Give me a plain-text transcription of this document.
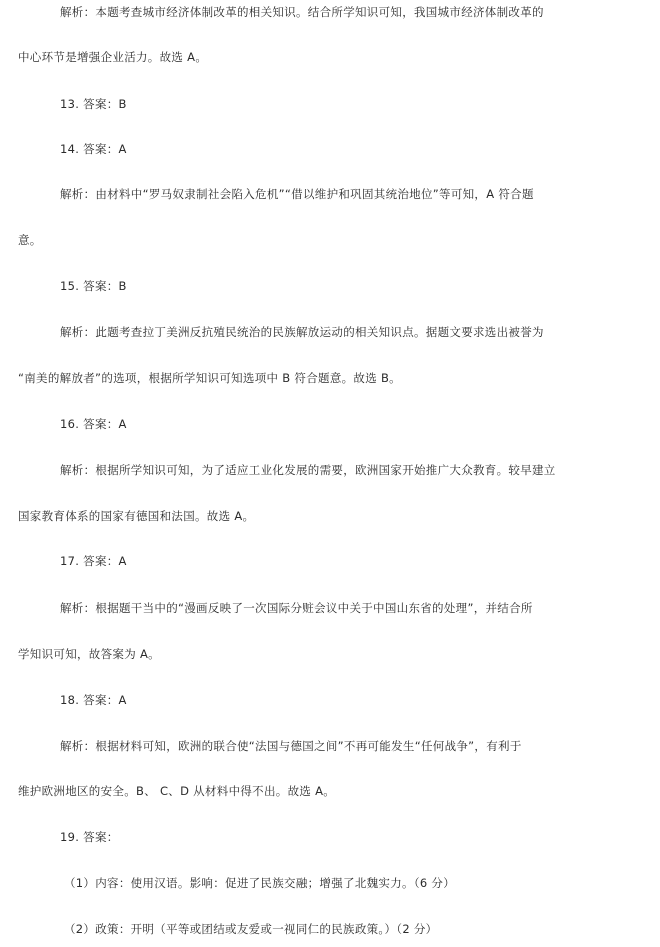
解析：本题考查城市经济体制改革的相关知识。结合所学知识可知，我国城市经济体制改革的
中心环节是增强企业活力。故选 A。
13. 答案：B
14. 答案：A
解析：由材料中“罗马奴隶制社会陷入危机”“借以维护和巩固其统治地位”等可知，A 符合题
意。
15. 答案：B
解析：此题考查拉丁美洲反抗殖民统治的民族解放运动的相关知识点。据题文要求选出被誉为
“南美的解放者”的选项，根据所学知识可知选项中 B 符合题意。故选 B。
16. 答案：A
解析：根据所学知识可知，为了适应工业化发展的需要，欧洲国家开始推广大众教育。较早建立
国家教育体系的国家有德国和法国。故选 A。
17. 答案：A
解析：根据题干当中的“漫画反映了一次国际分赃会议中关于中国山东省的处理”，并结合所
学知识可知，故答案为 A。
18. 答案：A
解析：根据材料可知，欧洲的联合使“法国与德国之间”不再可能发生“任何战争”，有利于
维护欧洲地区的安全。B、 C、D 从材料中得不出。故选 A。
19. 答案：
（1）内容：使用汉语。影响：促进了民族交融；增强了北魏实力。（6 分）
（2）政策：开明（平等或团结或友爱或一视同仁的民族政策。）（2 分）
